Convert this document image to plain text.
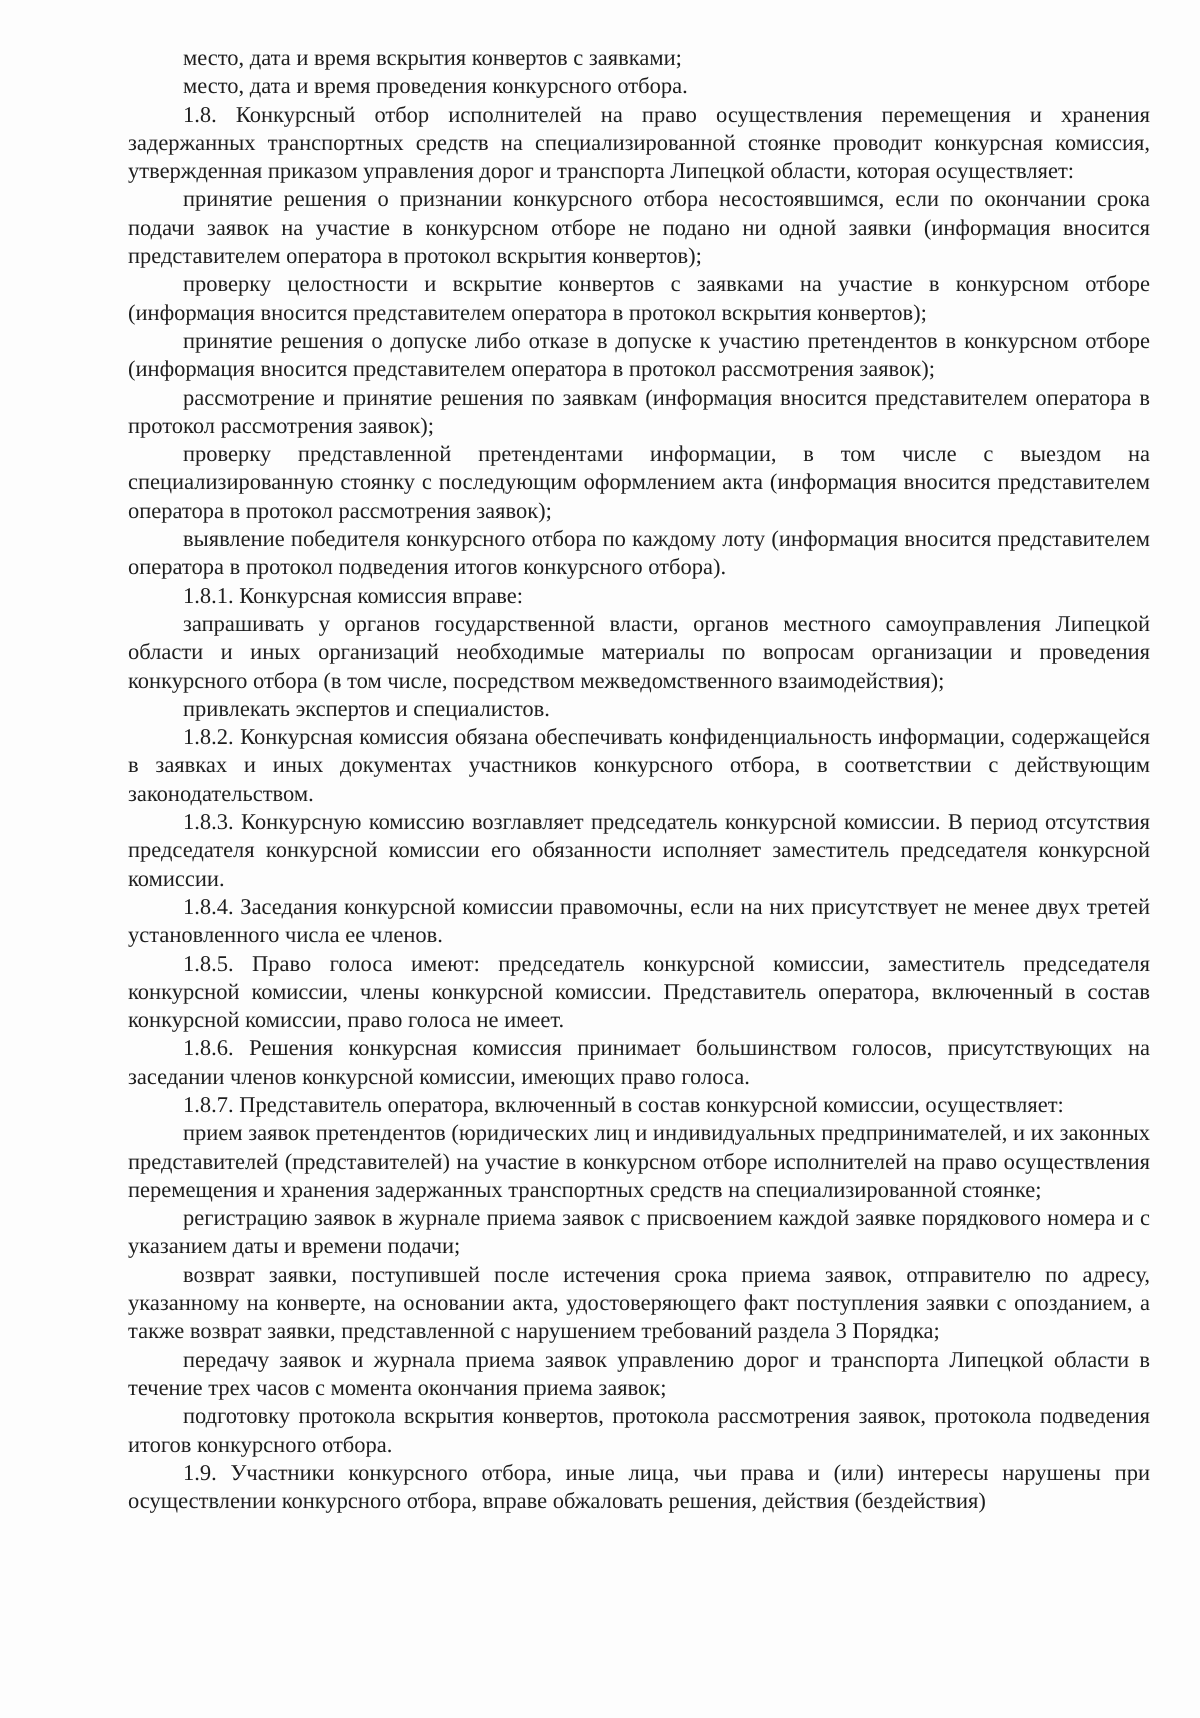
место, дата и время вскрытия конвертов с заявками;

место, дата и время проведения конкурсного отбора.

1.8. Конкурсный отбор исполнителей на право осуществления перемещения и хранения задержанных транспортных средств на специализированной стоянке проводит конкурсная комиссия, утвержденная приказом управления дорог и транспорта Липецкой области, которая осуществляет:

принятие решения о признании конкурсного отбора несостоявшимся, если по окончании срока подачи заявок на участие в конкурсном отборе не подано ни одной заявки (информация вносится представителем оператора в протокол вскрытия конвертов);

проверку целостности и вскрытие конвертов с заявками на участие в конкурсном отборе (информация вносится представителем оператора в протокол вскрытия конвертов);

принятие решения о допуске либо отказе в допуске к участию претендентов в конкурсном отборе (информация вносится представителем оператора в протокол рассмотрения заявок);

рассмотрение и принятие решения по заявкам (информация вносится представителем оператора в протокол рассмотрения заявок);

проверку представленной претендентами информации, в том числе с выездом на специализированную стоянку с последующим оформлением акта (информация вносится представителем оператора в протокол рассмотрения заявок);

выявление победителя конкурсного отбора по каждому лоту (информация вносится представителем оператора в протокол подведения итогов конкурсного отбора).

1.8.1. Конкурсная комиссия вправе:

запрашивать у органов государственной власти, органов местного самоуправления Липецкой области и иных организаций необходимые материалы по вопросам организации и проведения конкурсного отбора (в том числе, посредством межведомственного взаимодействия);

привлекать экспертов и специалистов.

1.8.2. Конкурсная комиссия обязана обеспечивать конфиденциальность информации, содержащейся в заявках и иных документах участников конкурсного отбора, в соответствии с действующим законодательством.

1.8.3. Конкурсную комиссию возглавляет председатель конкурсной комиссии. В период отсутствия председателя конкурсной комиссии его обязанности исполняет заместитель председателя конкурсной комиссии.

1.8.4. Заседания конкурсной комиссии правомочны, если на них присутствует не менее двух третей установленного числа ее членов.

1.8.5. Право голоса имеют: председатель конкурсной комиссии, заместитель председателя конкурсной комиссии, члены конкурсной комиссии. Представитель оператора, включенный в состав конкурсной комиссии, право голоса не имеет.

1.8.6. Решения конкурсная комиссия принимает большинством голосов, присутствующих на заседании членов конкурсной комиссии, имеющих право голоса.

1.8.7. Представитель оператора, включенный в состав конкурсной комиссии, осуществляет:

прием заявок претендентов (юридических лиц и индивидуальных предпринимателей, и их законных представителей (представителей) на участие в конкурсном отборе исполнителей на право осуществления перемещения и хранения задержанных транспортных средств на специализированной стоянке;

регистрацию заявок в журнале приема заявок с присвоением каждой заявке порядкового номера и с указанием даты и времени подачи;

возврат заявки, поступившей после истечения срока приема заявок, отправителю по адресу, указанному на конверте, на основании акта, удостоверяющего факт поступления заявки с опозданием, а также возврат заявки, представленной с нарушением требований раздела 3 Порядка;

передачу заявок и журнала приема заявок управлению дорог и транспорта Липецкой области в течение трех часов с момента окончания приема заявок;

подготовку протокола вскрытия конвертов, протокола рассмотрения заявок, протокола подведения итогов конкурсного отбора.

1.9. Участники конкурсного отбора, иные лица, чьи права и (или) интересы нарушены при осуществлении конкурсного отбора, вправе обжаловать решения, действия (бездействия)
